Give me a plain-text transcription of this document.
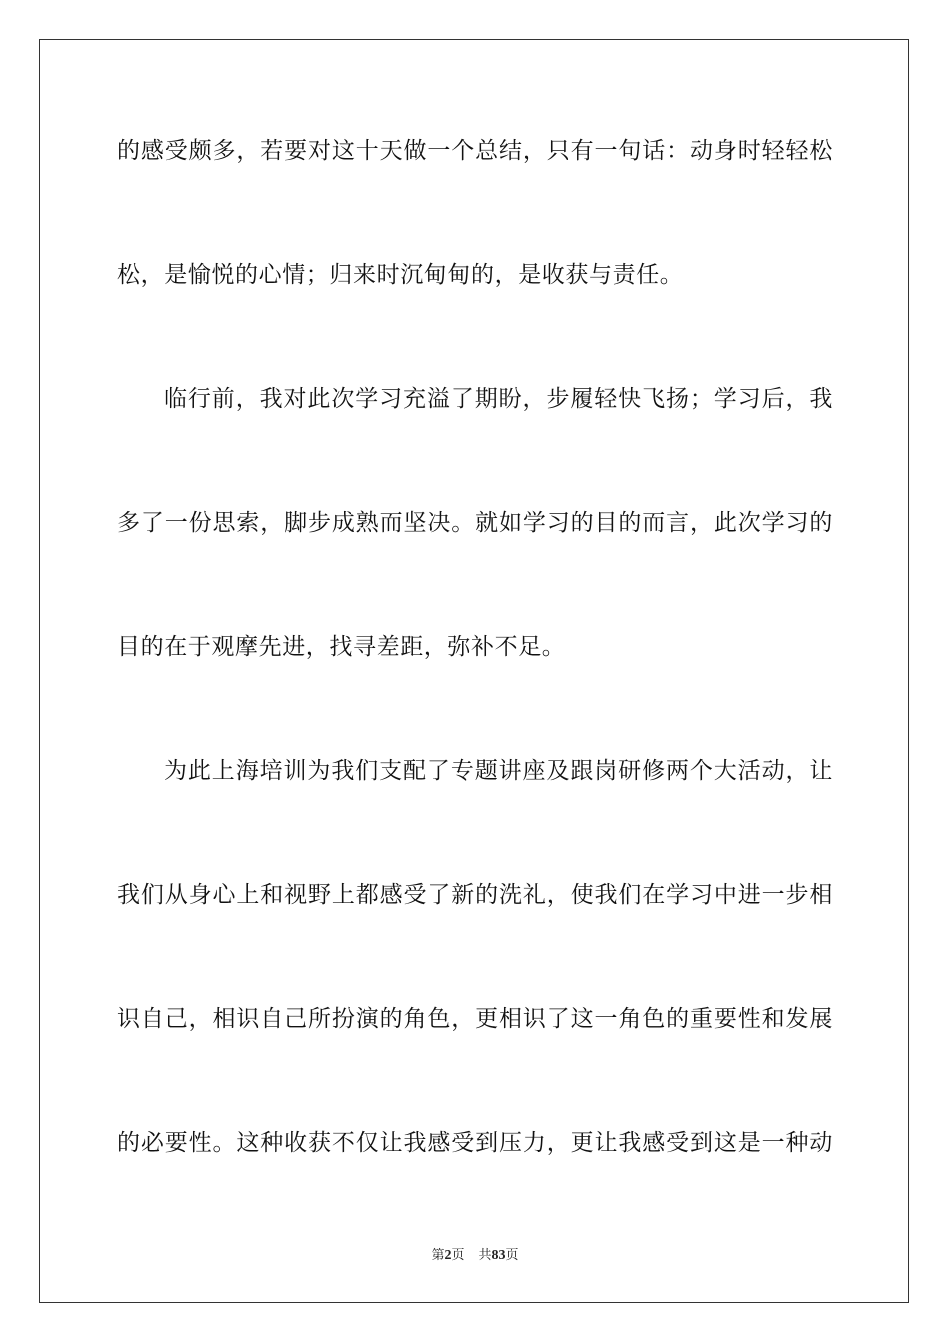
的感受颇多，若要对这十天做一个总结，只有一句话：动身时轻轻松
松，是愉悦的心情；归来时沉甸甸的，是收获与责任。
临行前，我对此次学习充溢了期盼，步履轻快飞扬；学习后，我
多了一份思索，脚步成熟而坚决。就如学习的目的而言，此次学习的
目的在于观摩先进，找寻差距，弥补不足。
为此上海培训为我们支配了专题讲座及跟岗研修两个大活动，让
我们从身心上和视野上都感受了新的洗礼，使我们在学习中进一步相
识自己，相识自己所扮演的角色，更相识了这一角色的重要性和发展
的必要性。这种收获不仅让我感受到压力，更让我感受到这是一种动
第2页 共83页
